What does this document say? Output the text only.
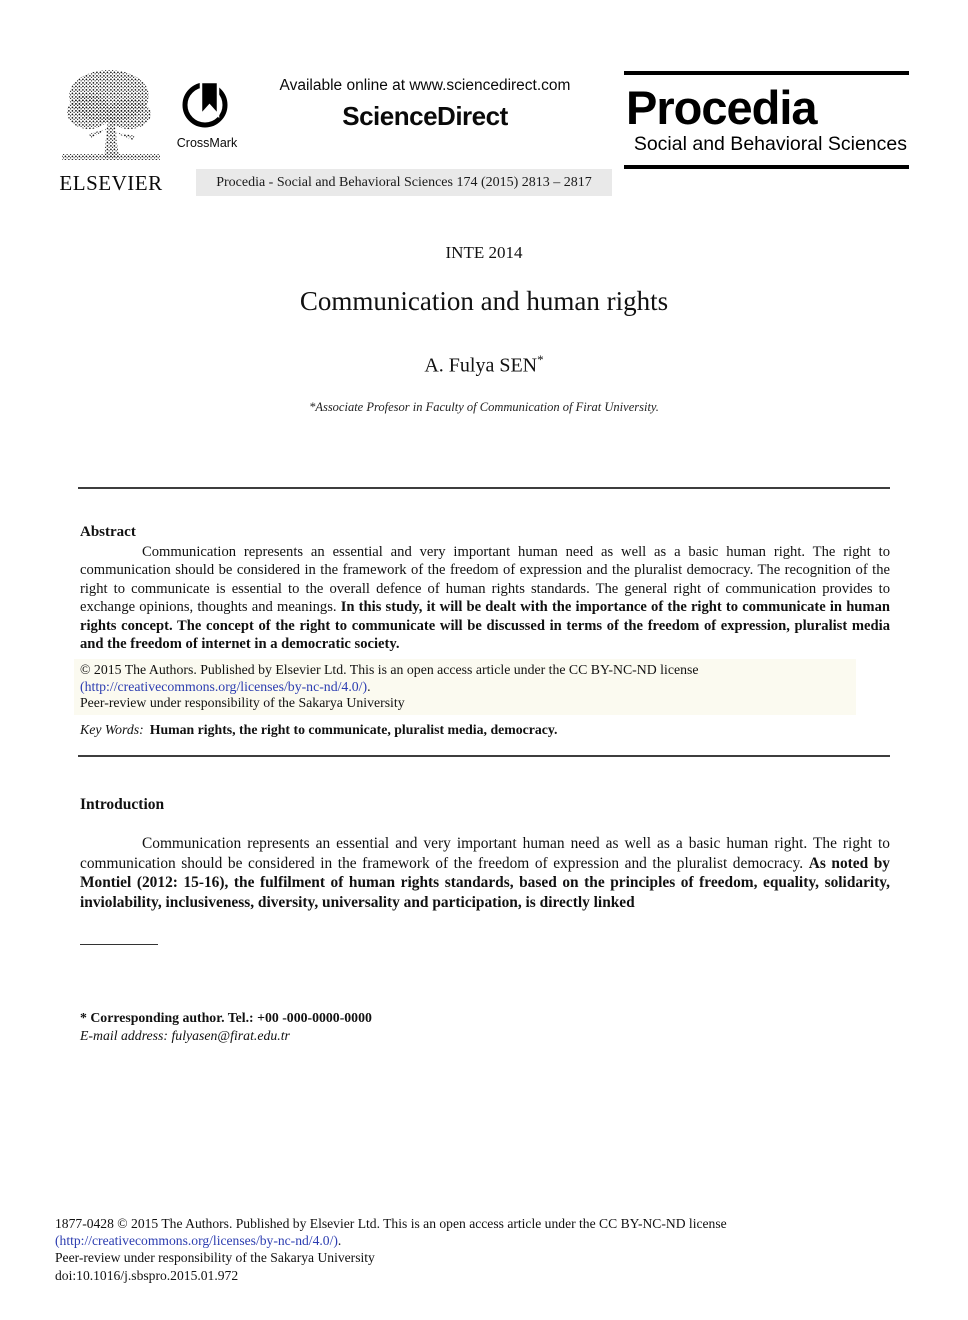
ELSEVIER
CrossMark
Available online at www.sciencedirect.com
ScienceDirect
Procedia - Social and Behavioral Sciences 174 (2015) 2813 – 2817
Procedia
Social and Behavioral Sciences
INTE 2014
Communication and human rights
A. Fulya SEN*
*Associate Profesor in Faculty of Communication of Firat University.
Abstract

Communication represents an essential and very important human need as well as a basic human right. The right to communication should be considered in the framework of the freedom of expression and the pluralist democracy. The recognition of the right to communicate is essential to the overall defence of human rights standards. The general right of communication provides to exchange opinions, thoughts and meanings. In this study, it will be dealt with the importance of the right to communicate in human rights concept. The concept of the right to communicate will be discussed in terms of the freedom of expression, pluralist media and the freedom of internet in a democratic society.

© 2015 The Authors. Published by Elsevier Ltd. This is an open access article under the CC BY-NC-ND license
(http://creativecommons.org/licenses/by-nc-nd/4.0/).
Peer-review under responsibility of the Sakarya University
Key Words: Human rights, the right to communicate, pluralist media, democracy.
Introduction

Communication represents an essential and very important human need as well as a basic human right. The right to communication should be considered in the framework of the freedom of expression and the pluralist democracy. As noted by Montiel (2012: 15-16), the fulfilment of human rights standards, based on the principles of freedom, equality, solidarity, inviolability, inclusiveness, diversity, universality and participation, is directly linked

* Corresponding author. Tel.: +00 -000-0000-0000
E-mail address: fulyasen@firat.edu.tr
1877-0428 © 2015 The Authors. Published by Elsevier Ltd. This is an open access article under the CC BY-NC-ND license
(http://creativecommons.org/licenses/by-nc-nd/4.0/).
Peer-review under responsibility of the Sakarya University
doi:10.1016/j.sbspro.2015.01.972
